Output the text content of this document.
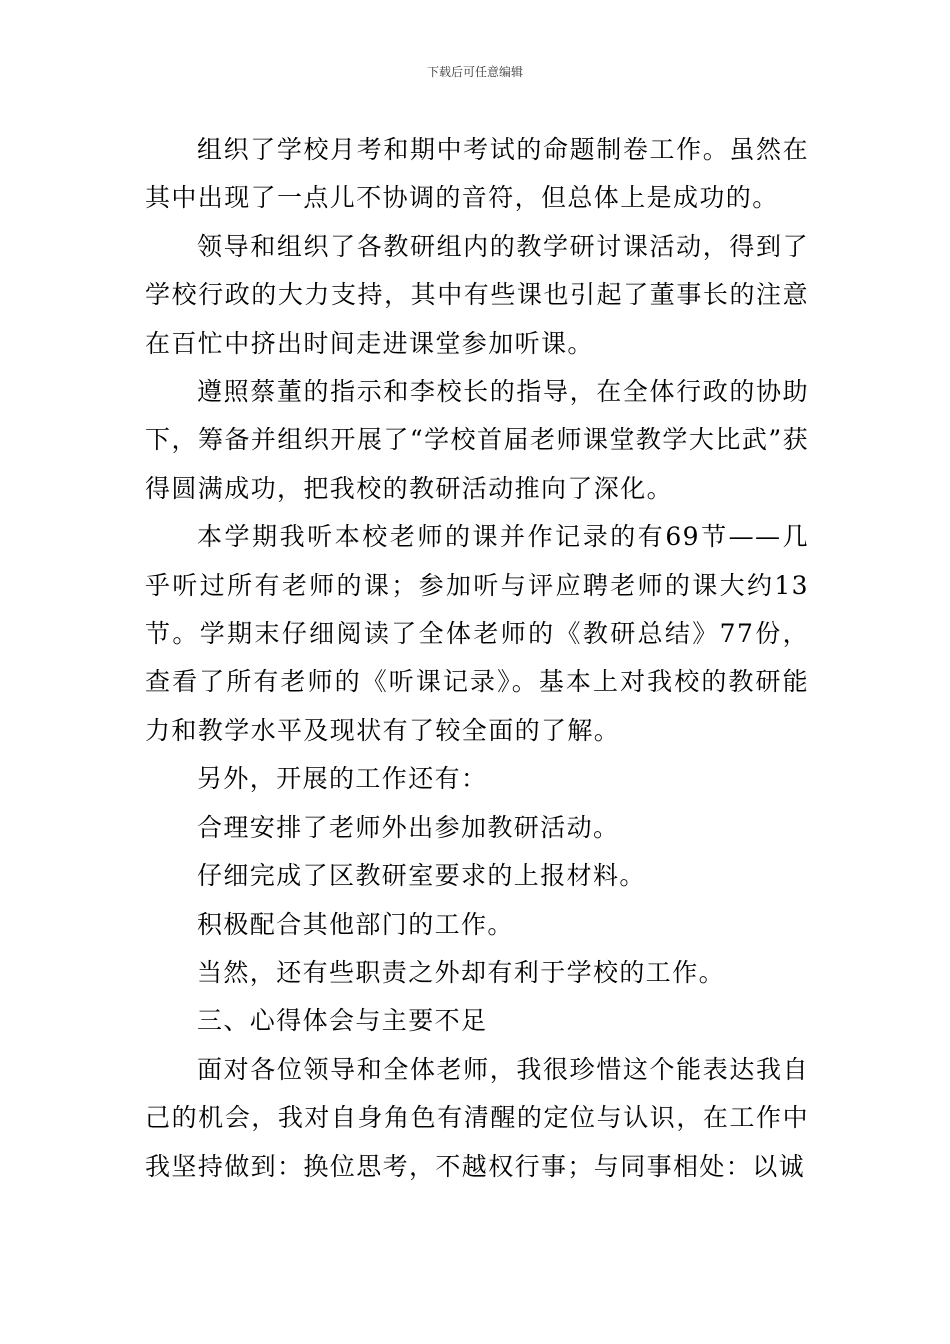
下载后可任意编辑

组织了学校月考和期中考试的命题制卷工作。虽然在其中出现了一点儿不协调的音符，但总体上是成功的。

领导和组织了各教研组内的教学研讨课活动，得到了学校行政的大力支持，其中有些课也引起了董事长的注意在百忙中挤出时间走进课堂参加听课。

遵照蔡董的指示和李校长的指导，在全体行政的协助下，筹备并组织开展了“学校首届老师课堂教学大比武”获得圆满成功，把我校的教研活动推向了深化。

本学期我听本校老师的课并作记录的有69节——几乎听过所有老师的课；参加听与评应聘老师的课大约13节。学期末仔细阅读了全体老师的《教研总结》77份，查看了所有老师的《听课记录》。基本上对我校的教研能力和教学水平及现状有了较全面的了解。

另外，开展的工作还有：

合理安排了老师外出参加教研活动。

仔细完成了区教研室要求的上报材料。

积极配合其他部门的工作。

当然，还有些职责之外却有利于学校的工作。

三、心得体会与主要不足

面对各位领导和全体老师，我很珍惜这个能表达我自己的机会，我对自身角色有清醒的定位与认识，在工作中我坚持做到：换位思考，不越权行事；与同事相处：以诚
